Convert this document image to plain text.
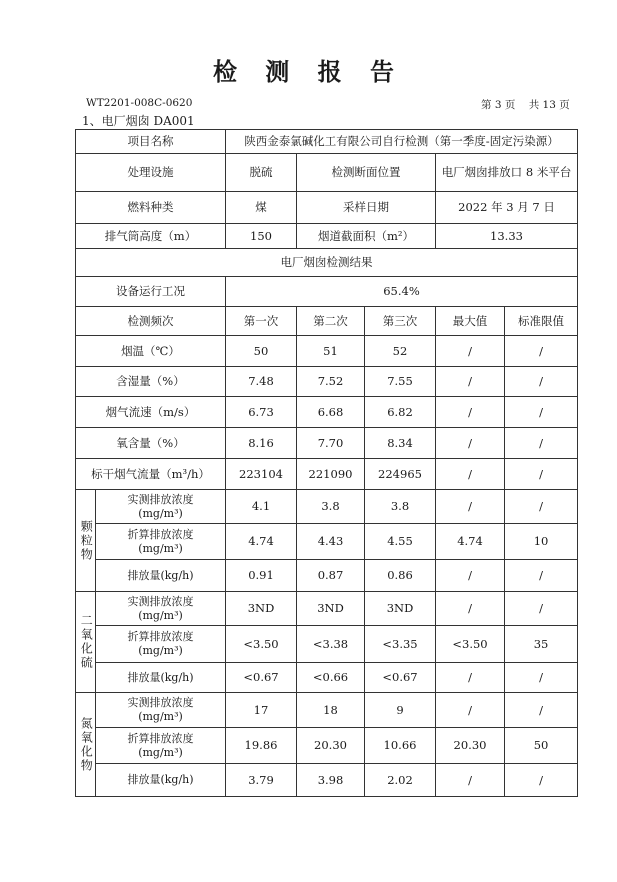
检 测 报 告
WT2201-008C-0620	第 3 页 共 13 页
1、电厂烟囱 DA001
项目名称		陕西金泰氯碱化工有限公司自行检测（第一季度-固定污染源）				
处理设施		脱硫	检测断面位置		电厂烟囱排放口 8 米平台	
燃料种类		煤	采样日期		2022 年 3 月 7 日	
排气筒高度（m）		150	烟道截面积（m²）		13.33	
电厂烟囱检测结果						
设备运行工况		65.4%				
检测频次		第一次	第二次	第三次	最大值	标准限值
烟温（℃）		50	51	52	/	/
含湿量（%）		7.48	7.52	7.55	/	/
烟气流速（m/s）		6.73	6.68	6.82	/	/
氧含量（%）		8.16	7.70	8.34	/	/
标干烟气流量（m³/h）		223104	221090	224965	/	/

颗粒物	实测排放浓度
(mg/m³)	4.1	3.8	3.8	/	/

	折算排放浓度
(mg/m³)	4.74	4.43	4.55	4.74	10

	排放量(kg/h)	0.91	0.87	0.86	/	/

二氧化硫	实测排放浓度
(mg/m³)	3ND	3ND	3ND	/	/

	折算排放浓度
(mg/m³)	<3.50	<3.38	<3.35	<3.50	35

	排放量(kg/h)	<0.67	<0.66	<0.67	/	/

氮氧化物	实测排放浓度
(mg/m³)	17	18	9	/	/

	折算排放浓度
(mg/m³)	19.86	20.30	10.66	20.30	50

	排放量(kg/h)	3.79	3.98	2.02	/	/
